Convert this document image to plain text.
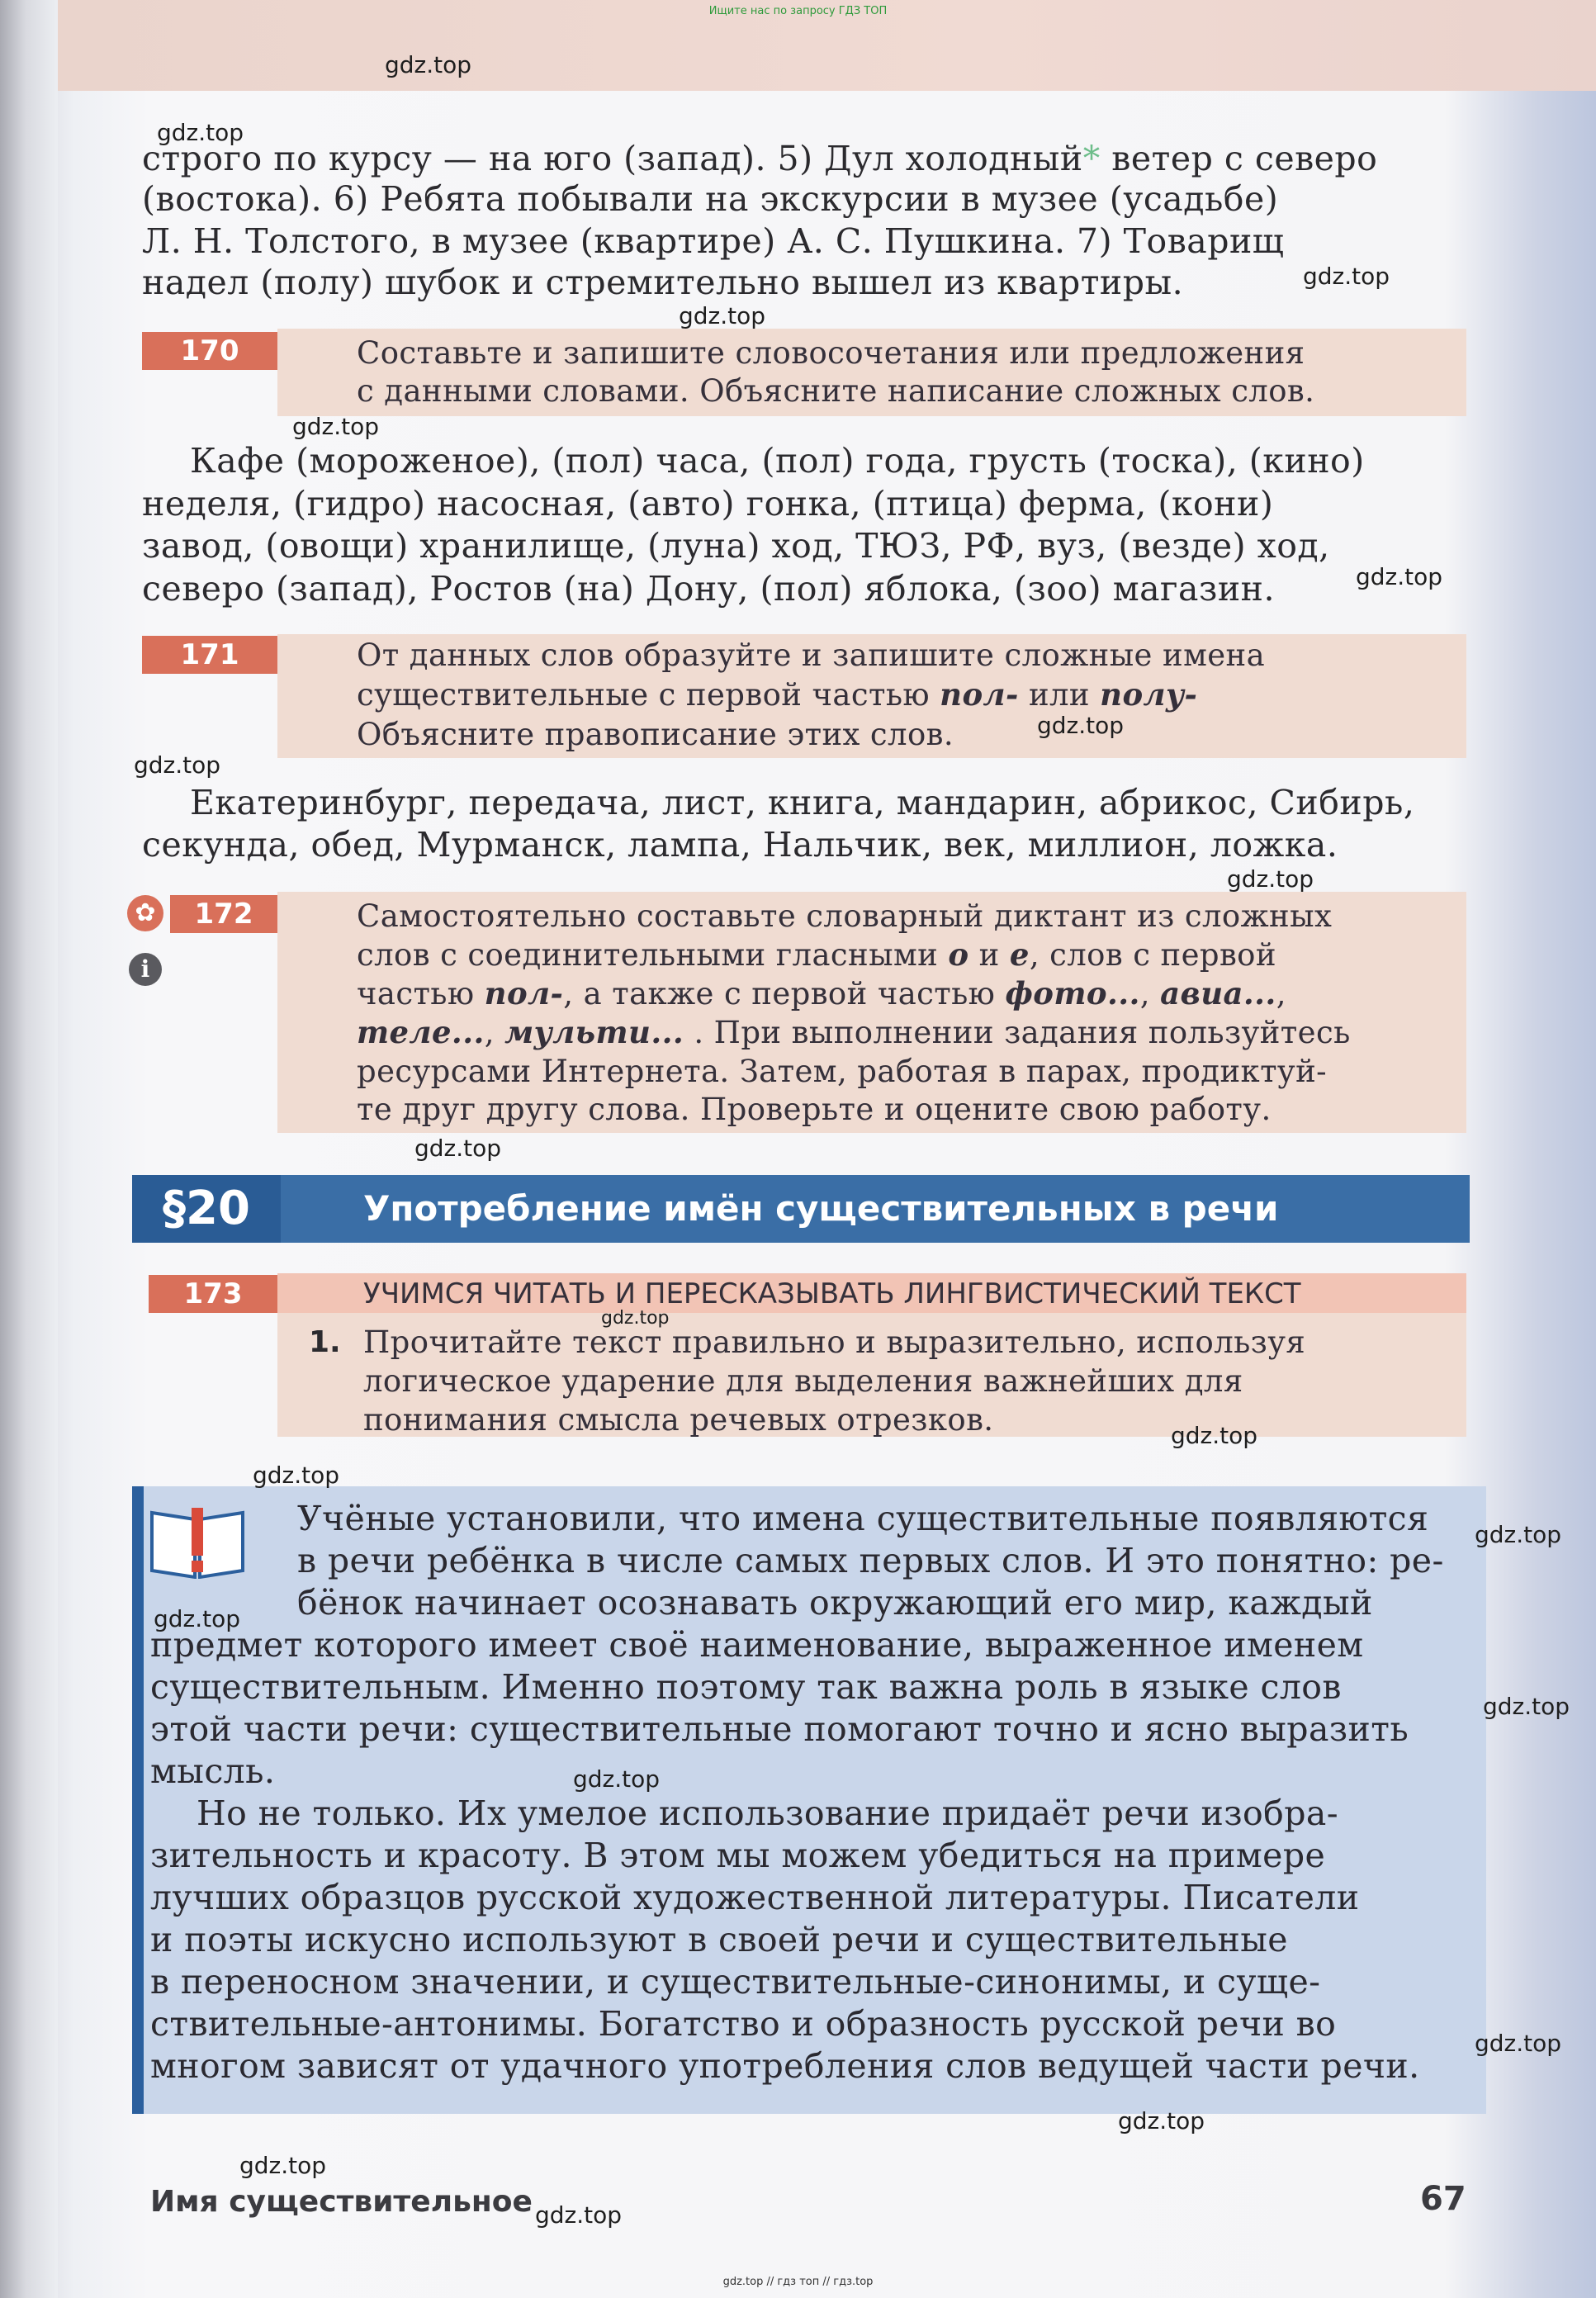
Ищите нас по запросу ГДЗ ТОП
строго по курсу — на юго (запад). 5) Дул холодный* ветер с северо
(востока). 6) Ребята побывали на экскурсии в музее (усадьбе)
Л. Н. Толстого, в музее (квартире) А. С. Пушкина. 7) Товарищ
надел (полу) шубок и стремительно вышел из квартиры.
170	Составьте и запишите словосочетания или предложения
с данными словами. Объясните написание сложных слов.
Кафе (мороженое), (пол) часа, (пол) года, грусть (тоска), (кино)
неделя, (гидро) насосная, (авто) гонка, (птица) ферма, (кони)
завод, (овощи) хранилище, (луна) ход, ТЮЗ, РФ, вуз, (везде) ход,
северо (запад), Ростов (на) Дону, (пол) яблока, (зоо) магазин.
171	От данных слов образуйте и запишите сложные имена
существительные с первой частью пол- или полу-
Объясните правописание этих слов.
Екатеринбург, передача, лист, книга, мандарин, абрикос, Сибирь,
секунда, обед, Мурманск, лампа, Нальчик, век, миллион, ложка.
172
✿
i
Самостоятельно составьте словарный диктант из сложных
слов с соединительными гласными о и е, слов с первой
частью пол-, а также с первой частью фото..., авиа...,
теле..., мульти... . При выполнении задания пользуйтесь
ресурсами Интернета. Затем, работая в парах, продиктуй-
те друг другу слова. Проверьте и оцените свою работу.
§20	Употребление имён существительных в речи
173	УЧИМСЯ ЧИТАТЬ И ПЕРЕСКАЗЫВАТЬ ЛИНГВИСТИЧЕСКИЙ ТЕКСТ
1. Прочитайте текст правильно и выразительно, используя
логическое ударение для выделения важнейших для
понимания смысла речевых отрезков.
Учёные установили, что имена существительные появляются
в речи ребёнка в числе самых первых слов. И это понятно: ре-
бёнок начинает осознавать окружающий его мир, каждый
предмет которого имеет своё наименование, выраженное именем
существительным. Именно поэтому так важна роль в языке слов
этой части речи: существительные помогают точно и ясно выразить
мысль.
Но не только. Их умелое использование придаёт речи изобра-
зительность и красоту. В этом мы можем убедиться на примере
лучших образцов русской художественной литературы. Писатели
и поэты искусно используют в своей речи и существительные
в переносном значении, и существительные-синонимы, и суще-
ствительные-антонимы. Богатство и образность русской речи во
многом зависят от удачного употребления слов ведущей части речи.
Имя существительное	67
gdz.top // гдз топ // гдз.top
gdz.top
gdz.top
gdz.top
gdz.top
gdz.top
gdz.top
gdz.top
gdz.top
gdz.top
gdz.top
gdz.top
gdz.top
gdz.top
gdz.top
gdz.top
gdz.top
gdz.top
gdz.top
gdz.top
gdz.top
gdz.top
